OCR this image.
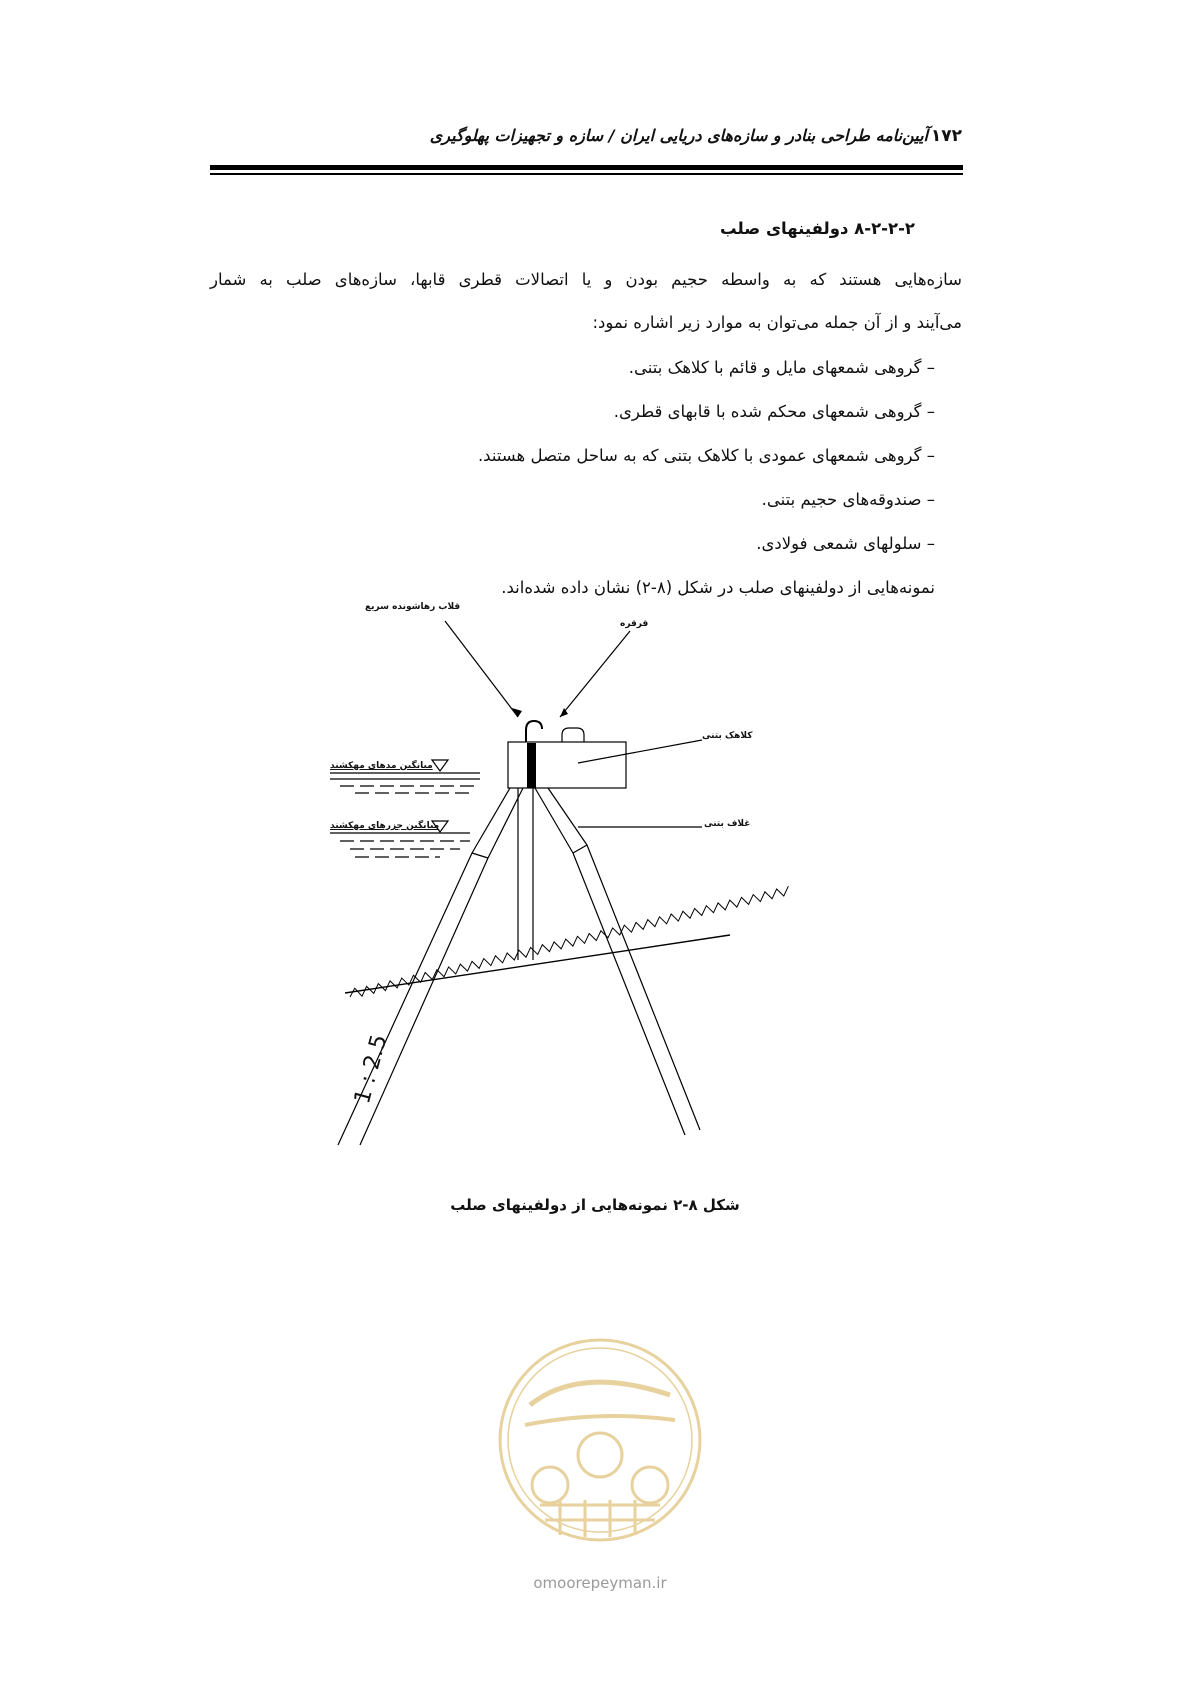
آیین‌نامه طراحی بنادر و سازه‌های دریایی ایران / سازه و تجهیزات پهلوگیری ۱۷۲
۸-۲-۲-۲ دولفینهای صلب
سازه‌هایی هستند که به واسطه حجیم بودن و یا اتصالات قطری قابها، سازه‌های صلب به شمار
می‌آیند و از آن جمله می‌توان به موارد زیر اشاره نمود:
– گروهی شمعهای مایل و قائم با کلاهک بتنی.
– گروهی شمعهای محکم شده با قابهای قطری.
– گروهی شمعهای عمودی با کلاهک بتنی که به ساحل متصل هستند.
– صندوقه‌های حجیم بتنی.
– سلولهای شمعی فولادی.
نمونه‌هایی از دولفینهای صلب در شکل (۸-۲) نشان داده شده‌اند.
قلاب رهاشونده سریع
قرقره
کلاهک بتنی
غلاف بتنی
میانگین مدهای مهکشند
میانگین جزرهای مهکشند
1 : 2.5
شکل ۸-۲ نمونه‌هایی از دولفینهای صلب
omoorepeyman.ir
